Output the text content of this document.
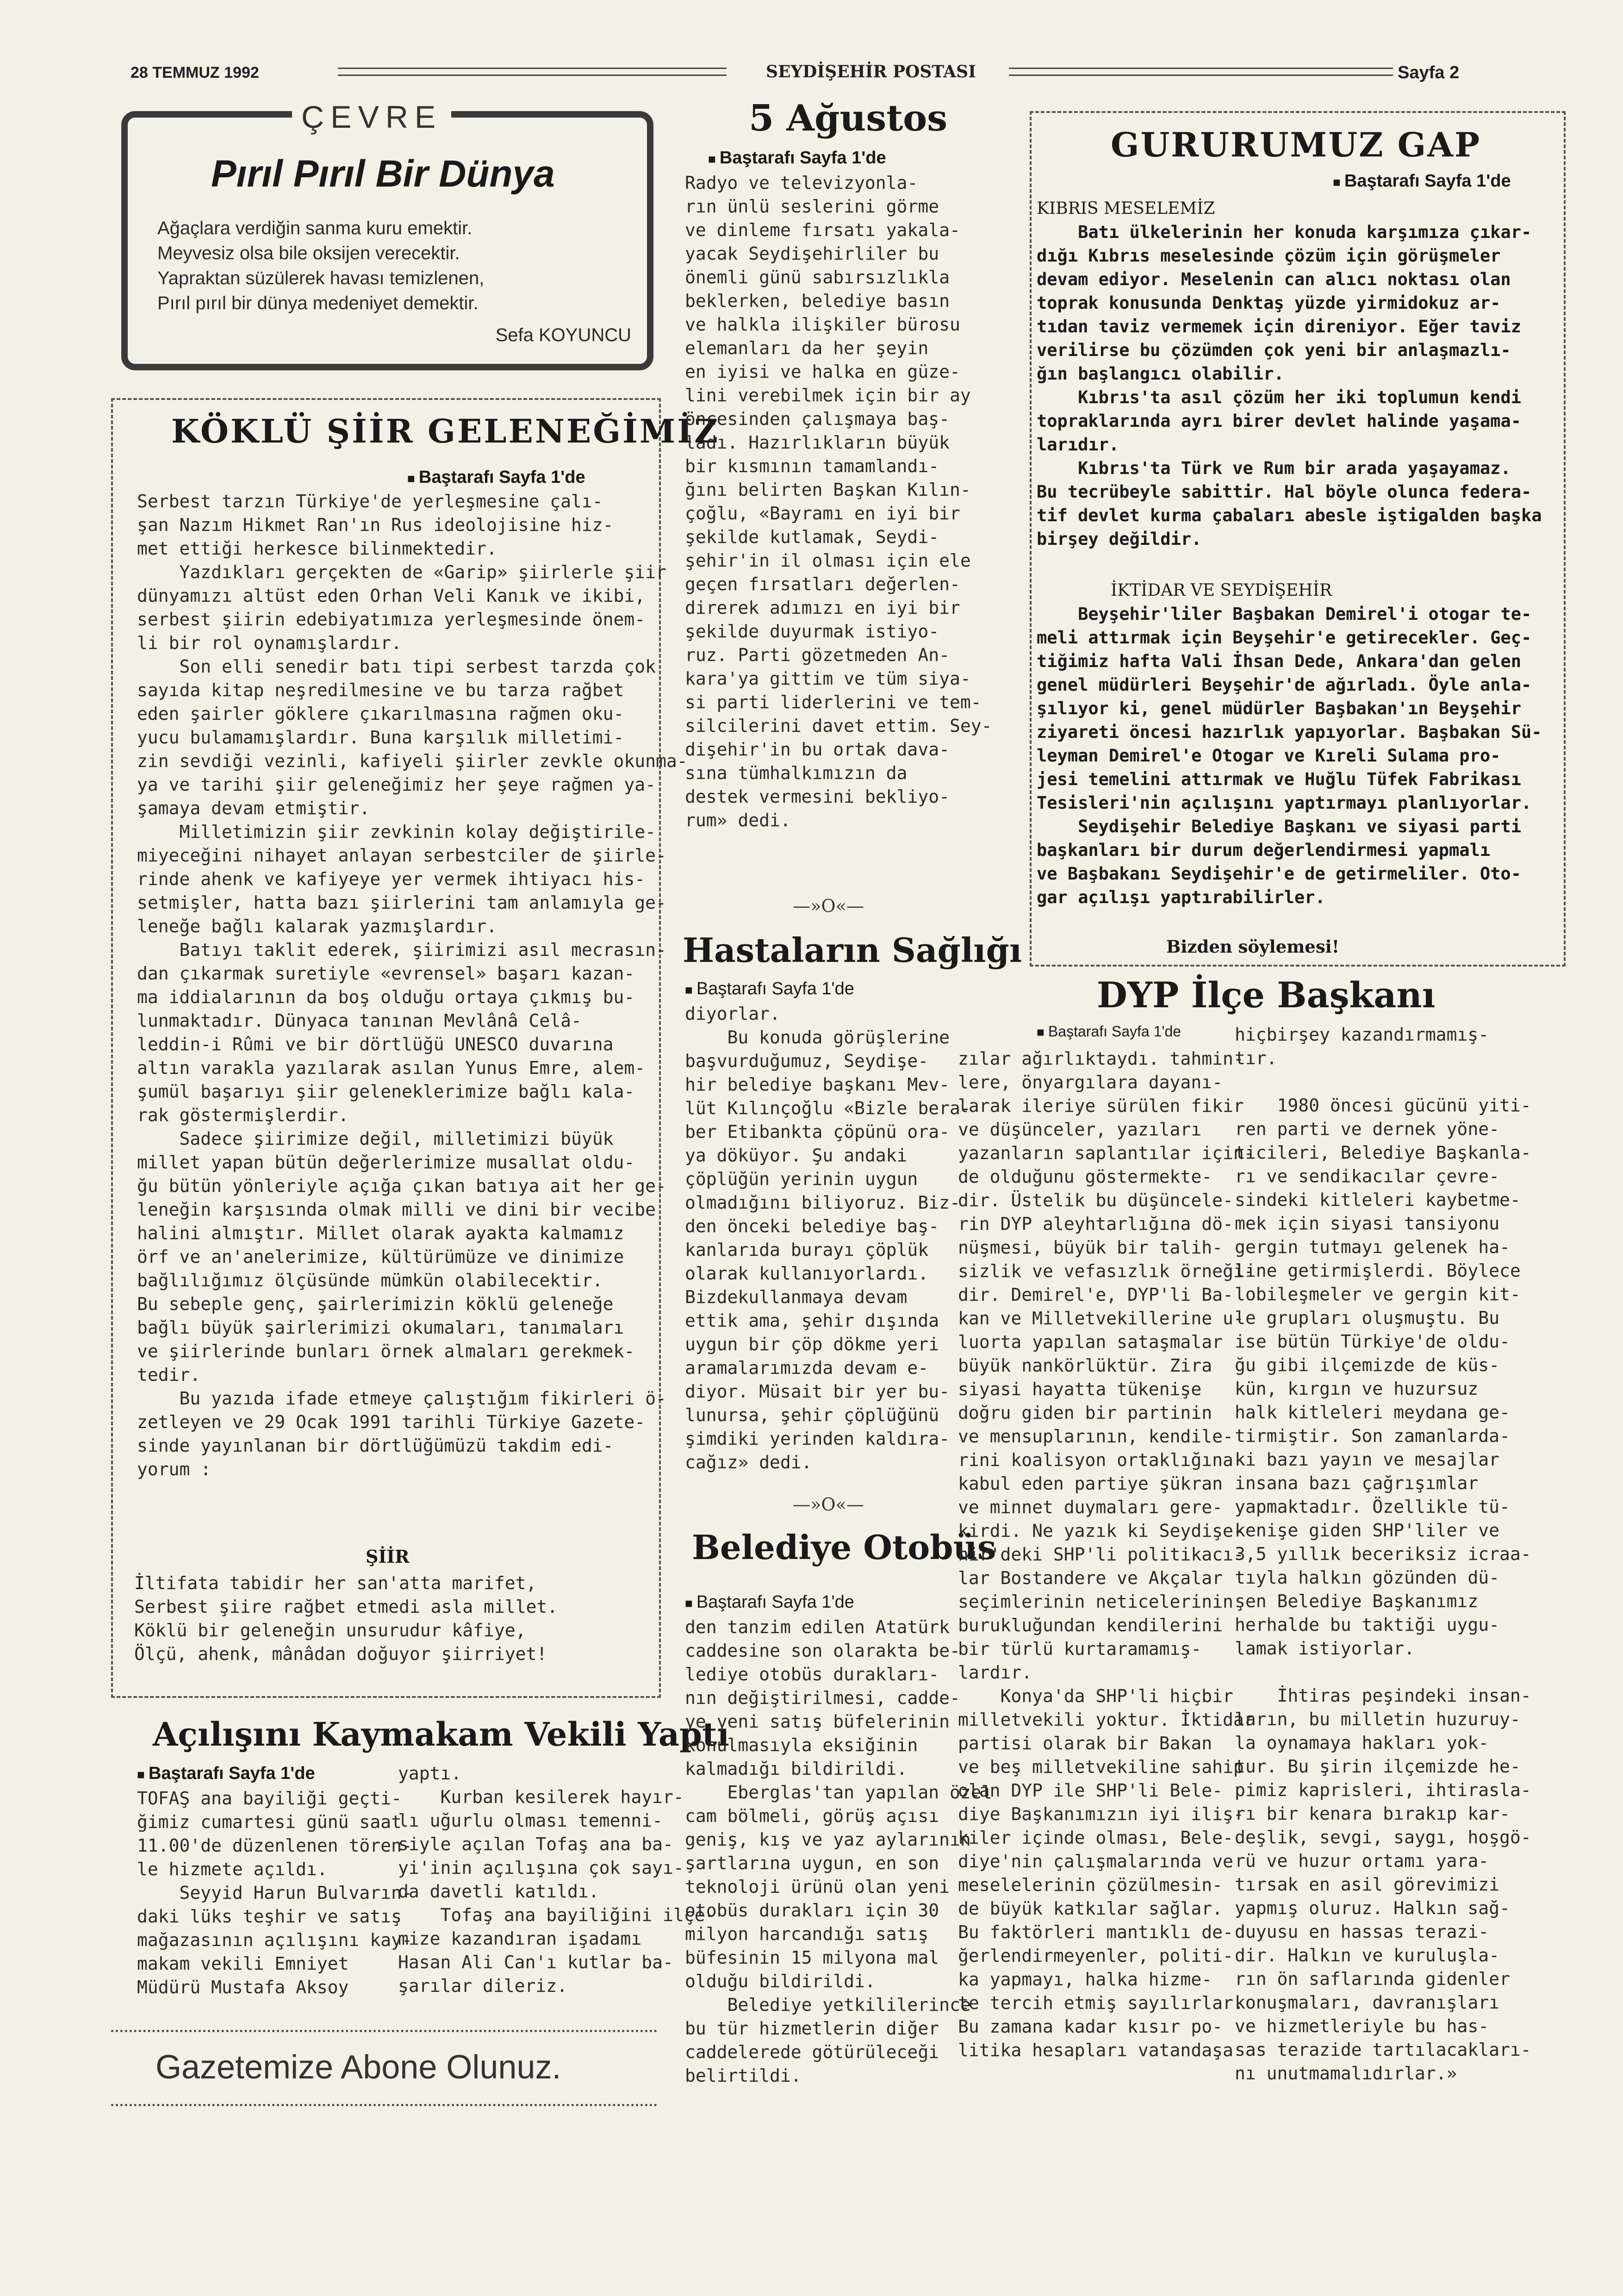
28 TEMMUZ 1992	SEYDİŞEHİR POSTASI	Sayfa 2
ÇEVRE
Pırıl Pırıl Bir Dünya
Ağaçlara verdiğin sanma kuru emektir.
Meyvesiz olsa bile oksijen verecektir.
Yapraktan süzülerek havası temizlenen,
Pırıl pırıl bir dünya medeniyet demektir.
Sefa KOYUNCU
KÖKLÜ ŞİİR GELENEĞİMİZ
■ Baştarafı Sayfa 1'de
Serbest tarzın Türkiye'de yerleşmesine çalı-
şan Nazım Hikmet Ran'ın Rus ideolojisine hiz-
met ettiği herkesce bilinmektedir.
Yazdıkları gerçekten de «Garip» şiirlerle şiir
dünyamızı altüst eden Orhan Veli Kanık ve ikibi,
serbest şiirin edebiyatımıza yerleşmesinde önem-
li bir rol oynamışlardır.
Son elli senedir batı tipi serbest tarzda çok
sayıda kitap neşredilmesine ve bu tarza rağbet
eden şairler göklere çıkarılmasına rağmen oku-
yucu bulamamışlardır. Buna karşılık milletimi-
zin sevdiği vezinli, kafiyeli şiirler zevkle okunma-
ya ve tarihi şiir geleneğimiz her şeye rağmen ya-
şamaya devam etmiştir.
Milletimizin şiir zevkinin kolay değiştirile-
miyeceğini nihayet anlayan serbestciler de şiirle-
rinde ahenk ve kafiyeye yer vermek ihtiyacı his-
setmişler, hatta bazı şiirlerini tam anlamıyla ge-
leneğe bağlı kalarak yazmışlardır.
Batıyı taklit ederek, şiirimizi asıl mecrasın-
dan çıkarmak suretiyle «evrensel» başarı kazan-
ma iddialarının da boş olduğu ortaya çıkmış bu-
lunmaktadır. Dünyaca tanınan Mevlânâ Celâ-
leddin-i Rûmi ve bir dörtlüğü UNESCO duvarına
altın varakla yazılarak asılan Yunus Emre, alem-
şumül başarıyı şiir geleneklerimize bağlı kala-
rak göstermişlerdir.
Sadece şiirimize değil, milletimizi büyük
millet yapan bütün değerlerimize musallat oldu-
ğu bütün yönleriyle açığa çıkan batıya ait her ge-
leneğin karşısında olmak milli ve dini bir vecibe
halini almıştır. Millet olarak ayakta kalmamız
örf ve an'anelerimize, kültürümüze ve dinimize
bağlılığımız ölçüsünde mümkün olabilecektir.
Bu sebeple genç, şairlerimizin köklü geleneğe
bağlı büyük şairlerimizi okumaları, tanımaları
ve şiirlerinde bunları örnek almaları gerekmek-
tedir.
Bu yazıda ifade etmeye çalıştığım fikirleri ö-
zetleyen ve 29 Ocak 1991 tarihli Türkiye Gazete-
sinde yayınlanan bir dörtlüğümüzü takdim edi-
yorum :
ŞİİR
İltifata tabidir her san'atta marifet,
Serbest şiire rağbet etmedi asla millet.
Köklü bir geleneğin unsurudur kâfiye,
Ölçü, ahenk, mânâdan doğuyor şiirriyet!
Açılışını Kaymakam Vekili Yaptı
■ Baştarafı Sayfa 1'de
TOFAŞ ana bayiliği geçti-
ğimiz cumartesi günü saat
11.00'de düzenlenen tören-
le hizmete açıldı.
Seyyid Harun Bulvarın-
daki lüks teşhir ve satış
mağazasının açılışını kay-
makam vekili Emniyet
Müdürü Mustafa Aksoy
yaptı.
Kurban kesilerek hayır-
lı uğurlu olması temenni-
siyle açılan Tofaş ana ba-
yi'inin açılışına çok sayı-
da davetli katıldı.
Tofaş ana bayiliğini ilçe-
mize kazandıran işadamı
Hasan Ali Can'ı kutlar ba-
şarılar dileriz.
Gazetemize Abone Olunuz.
5 Ağustos
■ Baştarafı Sayfa 1'de
Radyo ve televizyonla-
rın ünlü seslerini görme
ve dinleme fırsatı yakala-
yacak Seydişehirliler bu
önemli günü sabırsızlıkla
beklerken, belediye basın
ve halkla ilişkiler bürosu
elemanları da her şeyin
en iyisi ve halka en güze-
lini verebilmek için bir ay
öncesinden çalışmaya baş-
ladı. Hazırlıkların büyük
bir kısmının tamamlandı-
ğını belirten Başkan Kılın-
çoğlu, «Bayramı en iyi bir
şekilde kutlamak, Seydi-
şehir'in il olması için ele
geçen fırsatları değerlen-
direrek adımızı en iyi bir
şekilde duyurmak istiyo-
ruz. Parti gözetmeden An-
kara'ya gittim ve tüm siya-
si parti liderlerini ve tem-
silcilerini davet ettim. Sey-
dişehir'in bu ortak dava-
sına tümhalkımızın da
destek vermesini bekliyo-
rum» dedi.
—»O«—
Hastaların Sağlığı
■ Baştarafı Sayfa 1'de
diyorlar.
Bu konuda görüşlerine
başvurduğumuz, Seydişe-
hir belediye başkanı Mev-
lüt Kılınçoğlu «Bizle bera-
ber Etibankta çöpünü ora-
ya döküyor. Şu andaki
çöplüğün yerinin uygun
olmadığını biliyoruz. Biz-
den önceki belediye baş-
kanlarıda burayı çöplük
olarak kullanıyorlardı.
Bizdekullanmaya devam
ettik ama, şehir dışında
uygun bir çöp dökme yeri
aramalarımızda devam e-
diyor. Müsait bir yer bu-
lunursa, şehir çöplüğünü
şimdiki yerinden kaldıra-
cağız» dedi.
—»O«—
Belediye Otobüs
■ Baştarafı Sayfa 1'de
den tanzim edilen Atatürk
caddesine son olarakta be-
lediye otobüs durakları-
nın değiştirilmesi, cadde-
ye yeni satış büfelerinin
konulmasıyla eksiğinin
kalmadığı bildirildi.
Eberglas'tan yapılan özel
cam bölmeli, görüş açısı
geniş, kış ve yaz aylarının
şartlarına uygun, en son
teknoloji ürünü olan yeni
otobüs durakları için 30
milyon harcandığı satış
büfesinin 15 milyona mal
olduğu bildirildi.
Belediye yetkililerince
bu tür hizmetlerin diğer
caddelerede götürüleceği
belirtildi.
GURURUMUZ GAP
■ Baştarafı Sayfa 1'de
KIBRIS MESELEMİZ
Batı ülkelerinin her konuda karşımıza çıkar-
dığı Kıbrıs meselesinde çözüm için görüşmeler
devam ediyor. Meselenin can alıcı noktası olan
toprak konusunda Denktaş yüzde yirmidokuz ar-
tıdan taviz vermemek için direniyor. Eğer taviz
verilirse bu çözümden çok yeni bir anlaşmazlı-
ğın başlangıcı olabilir.
Kıbrıs'ta asıl çözüm her iki toplumun kendi
topraklarında ayrı birer devlet halinde yaşama-
larıdır.
Kıbrıs'ta Türk ve Rum bir arada yaşayamaz.
Bu tecrübeyle sabittir. Hal böyle olunca federa-
tif devlet kurma çabaları abesle iştigalden başka
birşey değildir.
İKTİDAR VE SEYDİŞEHİR
Beyşehir'liler Başbakan Demirel'i otogar te-
meli attırmak için Beyşehir'e getirecekler. Geç-
tiğimiz hafta Vali İhsan Dede, Ankara'dan gelen
genel müdürleri Beyşehir'de ağırladı. Öyle anla-
şılıyor ki, genel müdürler Başbakan'ın Beyşehir
ziyareti öncesi hazırlık yapıyorlar. Başbakan Sü-
leyman Demirel'e Otogar ve Kıreli Sulama pro-
jesi temelini attırmak ve Huğlu Tüfek Fabrikası
Tesisleri'nin açılışını yaptırmayı planlıyorlar.
Seydişehir Belediye Başkanı ve siyasi parti
başkanları bir durum değerlendirmesi yapmalı
ve Başbakanı Seydişehir'e de getirmeliler. Oto-
gar açılışı yaptırabilirler.
Bizden söylemesi!
DYP İlçe Başkanı
■ Baştarafı Sayfa 1'de
zılar ağırlıktaydı. tahmin-
lere, önyargılara dayanı-
larak ileriye sürülen fikir
ve düşünceler, yazıları
yazanların saplantılar için-
de olduğunu göstermekte-
dir. Üstelik bu düşüncele-
rin DYP aleyhtarlığına dö-
nüşmesi, büyük bir talih-
sizlik ve vefasızlık örneği-
dir. Demirel'e, DYP'li Ba-
kan ve Milletvekillerine u-
luorta yapılan sataşmalar
büyük nankörlüktür. Zira
siyasi hayatta tükenişe
doğru giden bir partinin
ve mensuplarının, kendile-
rini koalisyon ortaklığına
kabul eden partiye şükran
ve minnet duymaları gere-
kirdi. Ne yazık ki Seydişe-
hir'deki SHP'li politikacı-
lar Bostandere ve Akçalar
seçimlerinin neticelerinin
burukluğundan kendilerini
bir türlü kurtaramamış-
lardır.
Konya'da SHP'li hiçbir
milletvekili yoktur. İktidar
partisi olarak bir Bakan
ve beş milletvekiline sahip
olan DYP ile SHP'li Bele-
diye Başkanımızın iyi iliş-
kiler içinde olması, Bele-
diye'nin çalışmalarında ve
meselelerinin çözülmesin-
de büyük katkılar sağlar.
Bu faktörleri mantıklı de-
ğerlendirmeyenler, politi-
ka yapmayı, halka hizme-
te tercih etmiş sayılırlar.
Bu zamana kadar kısır po-
litika hesapları vatandaşa
hiçbirşey kazandırmamış-
tır.

1980 öncesi gücünü yiti-
ren parti ve dernek yöne-
ticileri, Belediye Başkanla-
rı ve sendikacılar çevre-
sindeki kitleleri kaybetme-
mek için siyasi tansiyonu
gergin tutmayı gelenek ha-
line getirmişlerdi. Böylece
lobileşmeler ve gergin kit-
le grupları oluşmuştu. Bu
ise bütün Türkiye'de oldu-
ğu gibi ilçemizde de küs-
kün, kırgın ve huzursuz
halk kitleleri meydana ge-
tirmiştir. Son zamanlarda-
ki bazı yayın ve mesajlar
insana bazı çağrışımlar
yapmaktadır. Özellikle tü-
kenişe giden SHP'liler ve
3,5 yıllık beceriksiz icraa-
tıyla halkın gözünden dü-
şen Belediye Başkanımız
herhalde bu taktiği uygu-
lamak istiyorlar.

İhtiras peşindeki insan-
ların, bu milletin huzuruy-
la oynamaya hakları yok-
tur. Bu şirin ilçemizde he-
pimiz kaprisleri, ihtirasla-
rı bir kenara bırakıp kar-
deşlik, sevgi, saygı, hoşgö-
rü ve huzur ortamı yara-
tırsak en asil görevimizi
yapmış oluruz. Halkın sağ-
duyusu en hassas terazi-
dir. Halkın ve kuruluşla-
rın ön saflarında gidenler
konuşmaları, davranışları
ve hizmetleriyle bu has-
sas terazide tartılacakları-
nı unutmamalıdırlar.»
